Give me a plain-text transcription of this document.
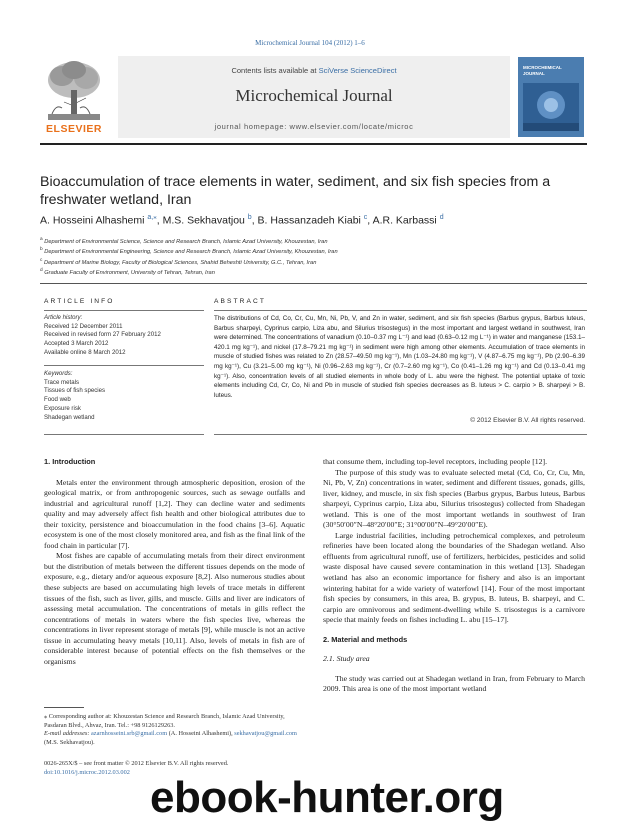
Microchemical Journal 104 (2012) 1–6
ELSEVIER
Contents lists available at SciVerse ScienceDirect
Microchemical Journal
journal homepage: www.elsevier.com/locate/microc
MICROCHEMICAL JOURNAL
Bioaccumulation of trace elements in water, sediment, and six fish species from a freshwater wetland, Iran
A. Hosseini Alhashemi $^{a,⁎}$, M.S. Sekhavatjou $^b$, B. Hassanzadeh Kiabi $^c$, A.R. Karbassi $^d$
$^a$ Department of Environmental Science, Science and Research Branch, Islamic Azad University, Khouzestan, Iran
$^b$ Department of Environmental Engineering, Science and Research Branch, Islamic Azad University, Khouzestan, Iran
$^c$ Department of Marine Biology, Faculty of Biological Sciences, Shahid Beheshti University, G.C., Tehran, Iran
$^d$ Graduate Faculty of Environment, University of Tehran, Tehran, Iran
ARTICLE INFO	ABSTRACT
Article history:
Received 12 December 2011
Received in revised form 27 February 2012
Accepted 3 March 2012
Available online 8 March 2012
Keywords:
Trace metals
Tissues of fish species
Food web
Exposure risk
Shadegan wetland
The distributions of Cd, Co, Cr, Cu, Mn, Ni, Pb, V, and Zn in water, sediment, and six fish species (Barbus grypus, Barbus luteus, Barbus sharpeyi, Cyprinus carpio, Liza abu, and Silurius trisostegus) in the most important and largest wetland in southwest, Iran were determined. The concentrations of vanadium (0.10–0.37 mg L⁻¹) and lead (0.63–0.12 mg L⁻¹) in water and manganese (153.1–420.1 mg kg⁻¹), and nickel (17.8–79.21 mg kg⁻¹) in sediment were high among other elements. Accumulation of trace elements in muscle of studied fishes was related to Zn (28.57–49.50 mg kg⁻¹), Mn (1.03–24.80 mg kg⁻¹), V (4.87–6.75 mg kg⁻¹), Pb (2.90–6.39 mg kg⁻¹), Cu (3.21–5.00 mg kg⁻¹), Ni (0.96–2.63 mg kg⁻¹), Cr (0.7–2.60 mg kg⁻¹), Co (0.41–1.26 mg kg⁻¹) and Cd (0.13–0.41 mg kg⁻¹). Also, concentration levels of all studied elements in whole body of L. abu were the highest. The potential uptake of toxic elements including Cd, Cr, Co, Ni and Pb in muscle of studied fish species decreases as B. luteus > C. carpio > B. sharpeyi > B. luteus.
© 2012 Elsevier B.V. All rights reserved.

1. Introduction

Metals enter the environment through atmospheric deposition, erosion of the geological matrix, or from anthropogenic sources, such as sewage outfalls and industrial and agricultural runoff [1,2]. They can decline water and sediments quality and may adversely affect fish health and other biological attributes due to their toxicity, persistence and bioaccumulation in the food chains [3–6]. Aquatic ecosystem is one of the most closely monitored area, and fish as the final link of the food chain in particular [7].

Most fishes are capable of accumulating metals from their direct environment but the distribution of metals between the different tissues depends on the mode of exposure, e.g., dietary and/or aqueous exposure [8,2]. Also numerous studies about these subjects are based on accumulating high levels of trace metals in different tissues of the fish, such as liver, gills, and muscle. Gills and liver are indicators of assessing metal accumulation. The concentrations of metals in gills reflect the concentrations of metals in waters where the fish species live, whereas the concentrations in liver represent storage of metals [9], while muscle is not an active tissue in accumulating heavy metals [10,11]. Also, levels of metals in fish are of considerable interest because of potential effects on the fish themselves or the organisms

that consume them, including top-level receptors, including people [12].

The purpose of this study was to evaluate selected metal (Cd, Co, Cr, Cu, Mn, Ni, Pb, V, Zn) concentrations in water, sediment and different tissues, gonads, gills, liver, kidney, and muscle, in six fish species (Barbus grypus, Barbus luteus, Barbus sharpeyi, Cyprinus carpio, Liza abu, Silurius trisostegus) collected from Shadegan wetland. This is one of the most important wetlands in southwest of Iran (30°50′00″N–48°20′00″E; 31°00′00″N–49°20′00″E).

Large industrial facilities, including petrochemical complexes, and petroleum refineries have been located along the boundaries of the Shadegan wetland. Also effluents from agricultural runoff, use of fertilizers, herbicides, pesticides and solid waste disposal have caused severe contamination in this wetland [13]. Shadegan wetland has also an economic importance for fishery and also is an important wintering habitat for a wide variety of waterfowl [14]. Four of the most important fish species by consumers, in this area, B. grypus, B. luteus, B. sharpeyi, and C. carpio are omnivorous and sediment-dwelling while S. trisostegus is a carnivore specie that mainly feeds on fishes including L. abu [15–17].

2. Material and methods

2.1. Study area

The study was carried out at Shadegan wetland in Iran, from February to March 2009. This area is one of the most important wetland

⁎ Corresponding author at: Khouzestan Science and Research Branch, Islamic Azad University, Pasdaran Blvd., Ahvaz, Iran. Tel.: +98 9126129263.
E-mail addresses: azarnhosseini.srb@gmail.com (A. Hosseini Alhashemi), sekhavatjou@gmail.com (M.S. Sekhavatjou).
0026-265X/$ – see front matter © 2012 Elsevier B.V. All rights reserved.
doi:10.1016/j.microc.2012.03.002
ebook-hunter.org
